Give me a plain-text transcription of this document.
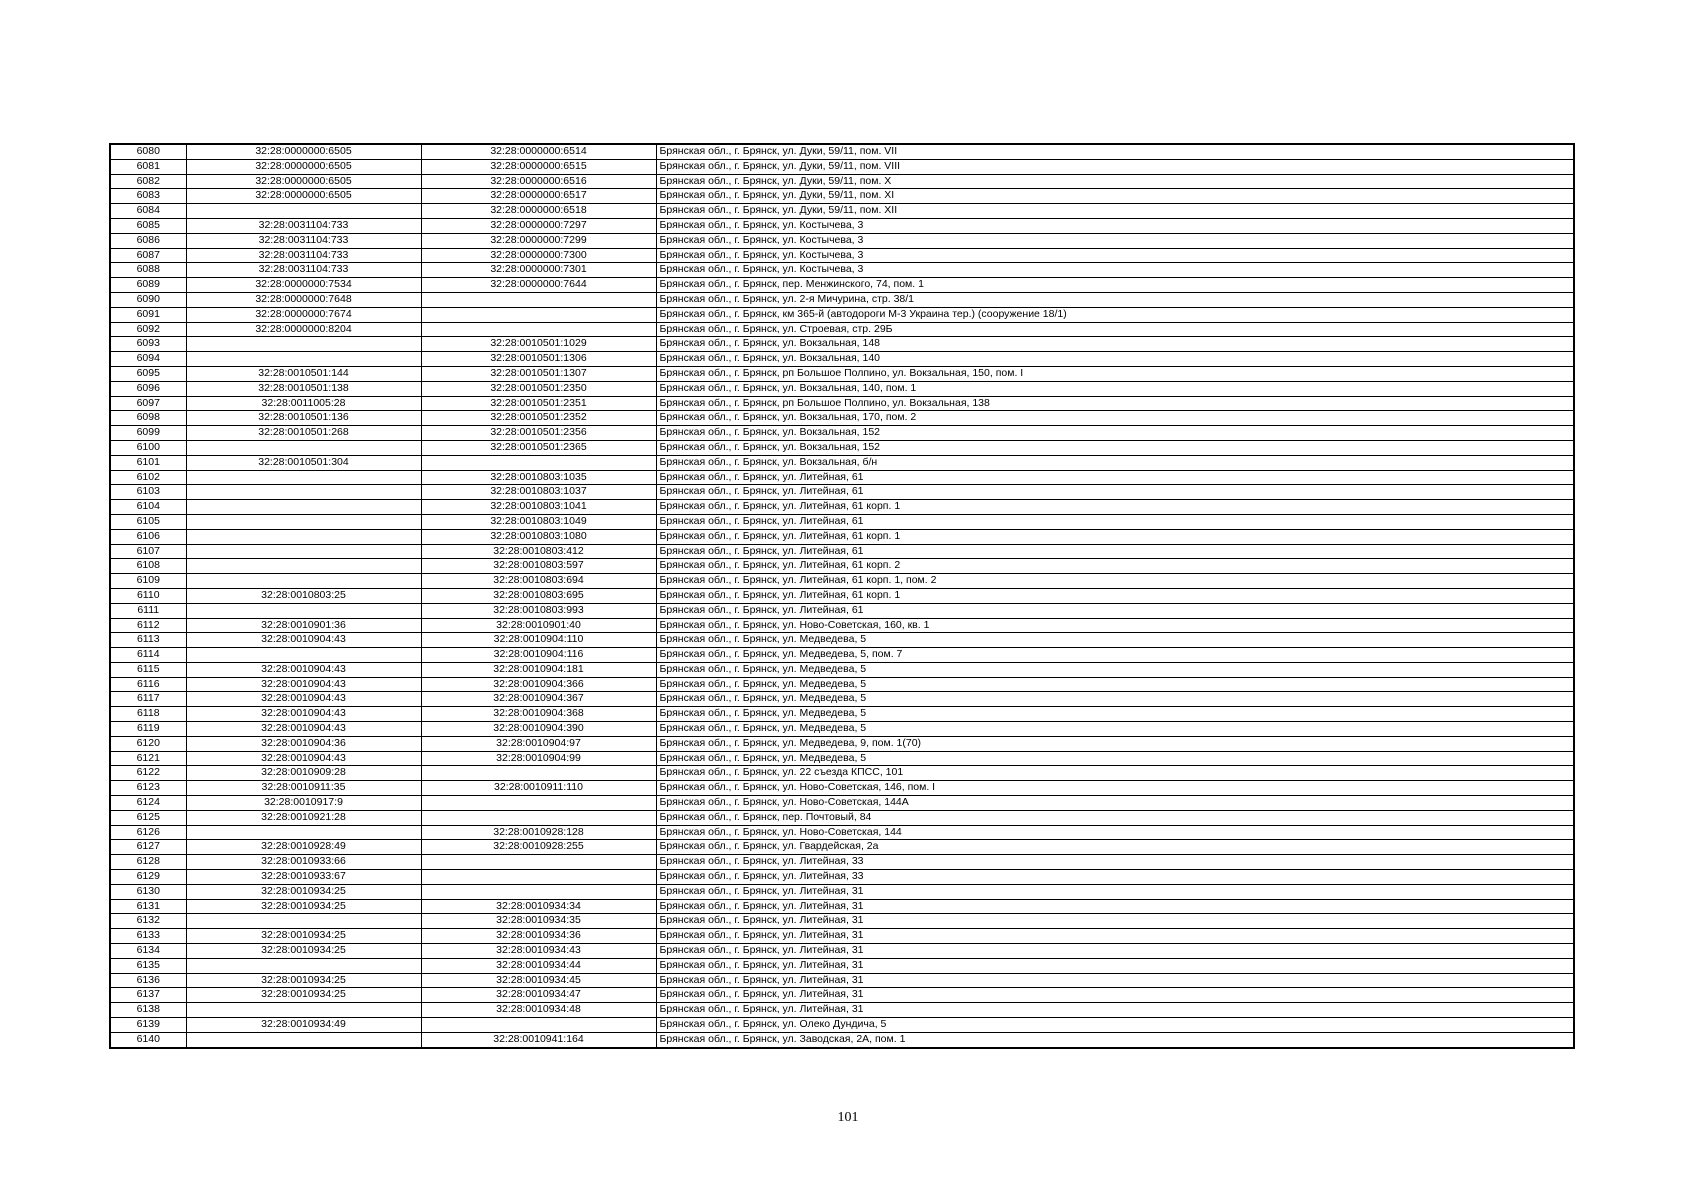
6080	32:28:0000000:6505	32:28:0000000:6514	Брянская обл., г. Брянск, ул. Дуки, 59/11, пом. VII
6081	32:28:0000000:6505	32:28:0000000:6515	Брянская обл., г. Брянск, ул. Дуки, 59/11, пом. VIII
6082	32:28:0000000:6505	32:28:0000000:6516	Брянская обл., г. Брянск, ул. Дуки, 59/11, пом. X
6083	32:28:0000000:6505	32:28:0000000:6517	Брянская обл., г. Брянск, ул. Дуки, 59/11, пом. XI
6084		32:28:0000000:6518	Брянская обл., г. Брянск, ул. Дуки, 59/11, пом. XII
6085	32:28:0031104:733	32:28:0000000:7297	Брянская обл., г. Брянск, ул. Костычева, 3
6086	32:28:0031104:733	32:28:0000000:7299	Брянская обл., г. Брянск, ул. Костычева, 3
6087	32:28:0031104:733	32:28:0000000:7300	Брянская обл., г. Брянск, ул. Костычева, 3
6088	32:28:0031104:733	32:28:0000000:7301	Брянская обл., г. Брянск, ул. Костычева, 3
6089	32:28:0000000:7534	32:28:0000000:7644	Брянская обл., г. Брянск, пер. Менжинского, 74, пом. 1
6090	32:28:0000000:7648		Брянская обл., г. Брянск, ул. 2-я Мичурина, стр. 38/1
6091	32:28:0000000:7674		Брянская обл., г. Брянск, км 365-й (автодороги М-3 Украина тер.) (сооружение 18/1)
6092	32:28:0000000:8204		Брянская обл., г. Брянск, ул. Строевая, стр. 29Б
6093		32:28:0010501:1029	Брянская обл., г. Брянск, ул. Вокзальная, 148
6094		32:28:0010501:1306	Брянская обл., г. Брянск, ул. Вокзальная, 140
6095	32:28:0010501:144	32:28:0010501:1307	Брянская обл., г. Брянск, рп Большое Полпино, ул. Вокзальная, 150, пом. I
6096	32:28:0010501:138	32:28:0010501:2350	Брянская обл., г. Брянск, ул. Вокзальная, 140, пом. 1
6097	32:28:0011005:28	32:28:0010501:2351	Брянская обл., г. Брянск, рп Большое Полпино, ул. Вокзальная, 138
6098	32:28:0010501:136	32:28:0010501:2352	Брянская обл., г. Брянск, ул. Вокзальная, 170, пом. 2
6099	32:28:0010501:268	32:28:0010501:2356	Брянская обл., г. Брянск, ул. Вокзальная, 152
6100		32:28:0010501:2365	Брянская обл., г. Брянск, ул. Вокзальная, 152
6101	32:28:0010501:304		Брянская обл., г. Брянск, ул. Вокзальная, б/н
6102		32:28:0010803:1035	Брянская обл., г. Брянск, ул. Литейная, 61
6103		32:28:0010803:1037	Брянская обл., г. Брянск, ул. Литейная, 61
6104		32:28:0010803:1041	Брянская обл., г. Брянск, ул. Литейная, 61 корп. 1
6105		32:28:0010803:1049	Брянская обл., г. Брянск, ул. Литейная, 61
6106		32:28:0010803:1080	Брянская обл., г. Брянск, ул. Литейная, 61 корп. 1
6107		32:28:0010803:412	Брянская обл., г. Брянск, ул. Литейная, 61
6108		32:28:0010803:597	Брянская обл., г. Брянск, ул. Литейная, 61 корп. 2
6109		32:28:0010803:694	Брянская обл., г. Брянск, ул. Литейная, 61 корп. 1, пом. 2
6110	32:28:0010803:25	32:28:0010803:695	Брянская обл., г. Брянск, ул. Литейная, 61 корп. 1
6111		32:28:0010803:993	Брянская обл., г. Брянск, ул. Литейная, 61
6112	32:28:0010901:36	32:28:0010901:40	Брянская обл., г. Брянск, ул. Ново-Советская, 160, кв. 1
6113	32:28:0010904:43	32:28:0010904:110	Брянская обл., г. Брянск, ул. Медведева, 5
6114		32:28:0010904:116	Брянская обл., г. Брянск, ул. Медведева, 5, пом. 7
6115	32:28:0010904:43	32:28:0010904:181	Брянская обл., г. Брянск, ул. Медведева, 5
6116	32:28:0010904:43	32:28:0010904:366	Брянская обл., г. Брянск, ул. Медведева, 5
6117	32:28:0010904:43	32:28:0010904:367	Брянская обл., г. Брянск, ул. Медведева, 5
6118	32:28:0010904:43	32:28:0010904:368	Брянская обл., г. Брянск, ул. Медведева, 5
6119	32:28:0010904:43	32:28:0010904:390	Брянская обл., г. Брянск, ул. Медведева, 5
6120	32:28:0010904:36	32:28:0010904:97	Брянская обл., г. Брянск, ул. Медведева, 9, пом. 1(70)
6121	32:28:0010904:43	32:28:0010904:99	Брянская обл., г. Брянск, ул. Медведева, 5
6122	32:28:0010909:28		Брянская обл., г. Брянск, ул. 22 съезда КПСС, 101
6123	32:28:0010911:35	32:28:0010911:110	Брянская обл., г. Брянск, ул. Ново-Советская, 146, пом. I
6124	32:28:0010917:9		Брянская обл., г. Брянск, ул. Ново-Советская, 144А
6125	32:28:0010921:28		Брянская обл., г. Брянск, пер. Почтовый, 84
6126		32:28:0010928:128	Брянская обл., г. Брянск, ул. Ново-Советская, 144
6127	32:28:0010928:49	32:28:0010928:255	Брянская обл., г. Брянск, ул. Гвардейская, 2а
6128	32:28:0010933:66		Брянская обл., г. Брянск, ул. Литейная, 33
6129	32:28:0010933:67		Брянская обл., г. Брянск, ул. Литейная, 33
6130	32:28:0010934:25		Брянская обл., г. Брянск, ул. Литейная, 31
6131	32:28:0010934:25	32:28:0010934:34	Брянская обл., г. Брянск, ул. Литейная, 31
6132		32:28:0010934:35	Брянская обл., г. Брянск, ул. Литейная, 31
6133	32:28:0010934:25	32:28:0010934:36	Брянская обл., г. Брянск, ул. Литейная, 31
6134	32:28:0010934:25	32:28:0010934:43	Брянская обл., г. Брянск, ул. Литейная, 31
6135		32:28:0010934:44	Брянская обл., г. Брянск, ул. Литейная, 31
6136	32:28:0010934:25	32:28:0010934:45	Брянская обл., г. Брянск, ул. Литейная, 31
6137	32:28:0010934:25	32:28:0010934:47	Брянская обл., г. Брянск, ул. Литейная, 31
6138		32:28:0010934:48	Брянская обл., г. Брянск, ул. Литейная, 31
6139	32:28:0010934:49		Брянская обл., г. Брянск, ул. Олеко Дундича, 5
6140		32:28:0010941:164	Брянская обл., г. Брянск, ул. Заводская, 2А, пом. 1
101
